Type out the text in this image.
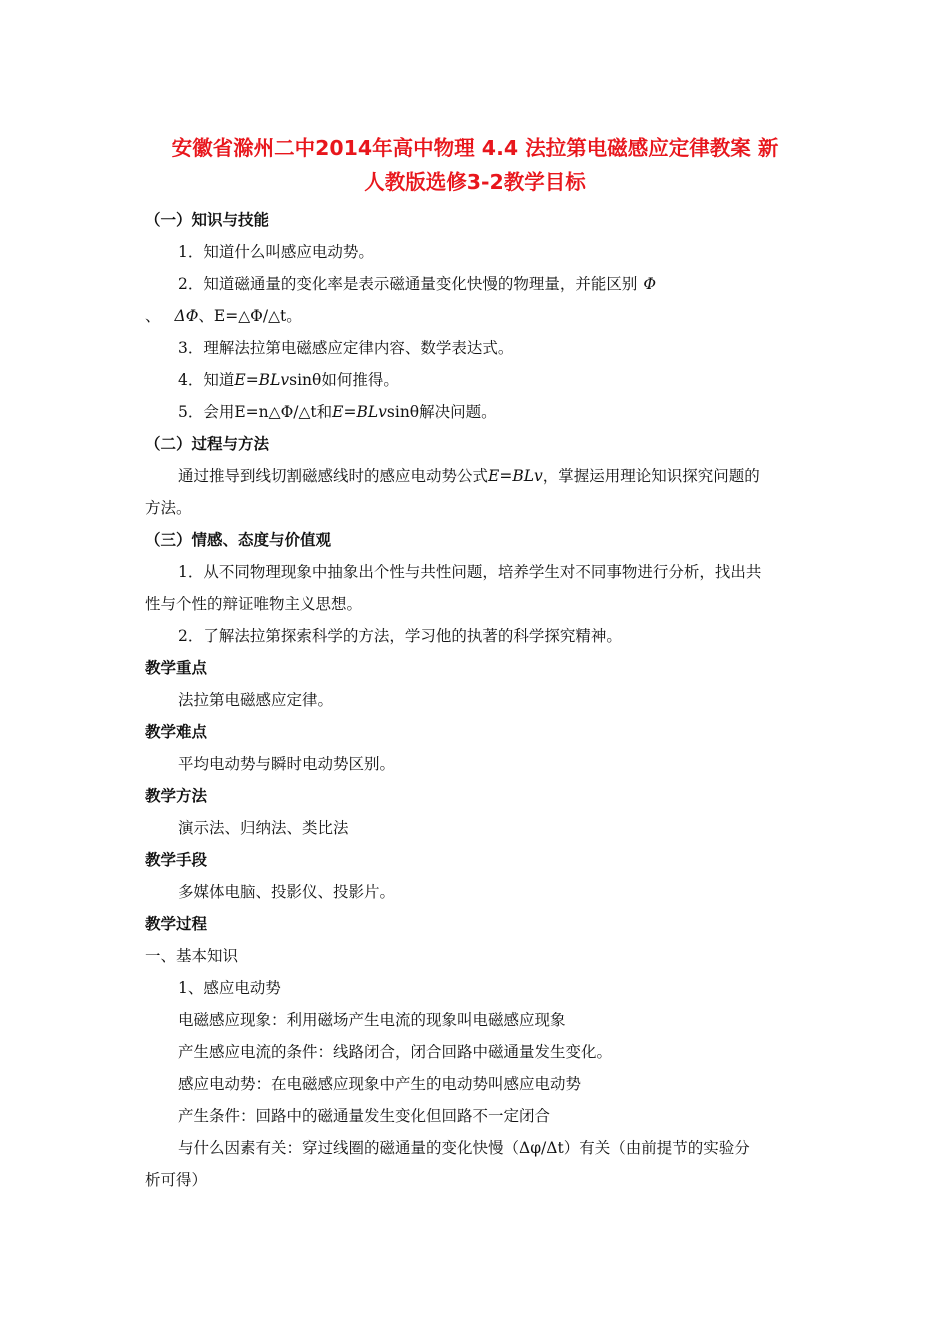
安徽省滁州二中2014年高中物理 4.4 法拉第电磁感应定律教案 新
人教版选修3-2教学目标
（一）知识与技能
1．知道什么叫感应电动势。
2．知道磁通量的变化率是表示磁通量变化快慢的物理量，并能区别 Φ
、 ΔΦ、E=△Φ/△t。
3．理解法拉第电磁感应定律内容、数学表达式。
4．知道E=BLvsinθ如何推得。
5．会用E=n△Φ/△t和E=BLvsinθ解决问题。
（二）过程与方法
通过推导到线切割磁感线时的感应电动势公式E=BLv，掌握运用理论知识探究问题的
方法。
（三）情感、态度与价值观
1．从不同物理现象中抽象出个性与共性问题，培养学生对不同事物进行分析，找出共
性与个性的辩证唯物主义思想。
2．了解法拉第探索科学的方法，学习他的执著的科学探究精神。
教学重点
法拉第电磁感应定律。
教学难点
平均电动势与瞬时电动势区别。
教学方法
演示法、归纳法、类比法
教学手段
多媒体电脑、投影仪、投影片。
教学过程
一、基本知识
1、感应电动势
电磁感应现象：利用磁场产生电流的现象叫电磁感应现象
产生感应电流的条件：线路闭合，闭合回路中磁通量发生变化。
感应电动势：在电磁感应现象中产生的电动势叫感应电动势
产生条件：回路中的磁通量发生变化但回路不一定闭合
与什么因素有关：穿过线圈的磁通量的变化快慢（Δφ/Δt）有关（由前提节的实验分
析可得）
